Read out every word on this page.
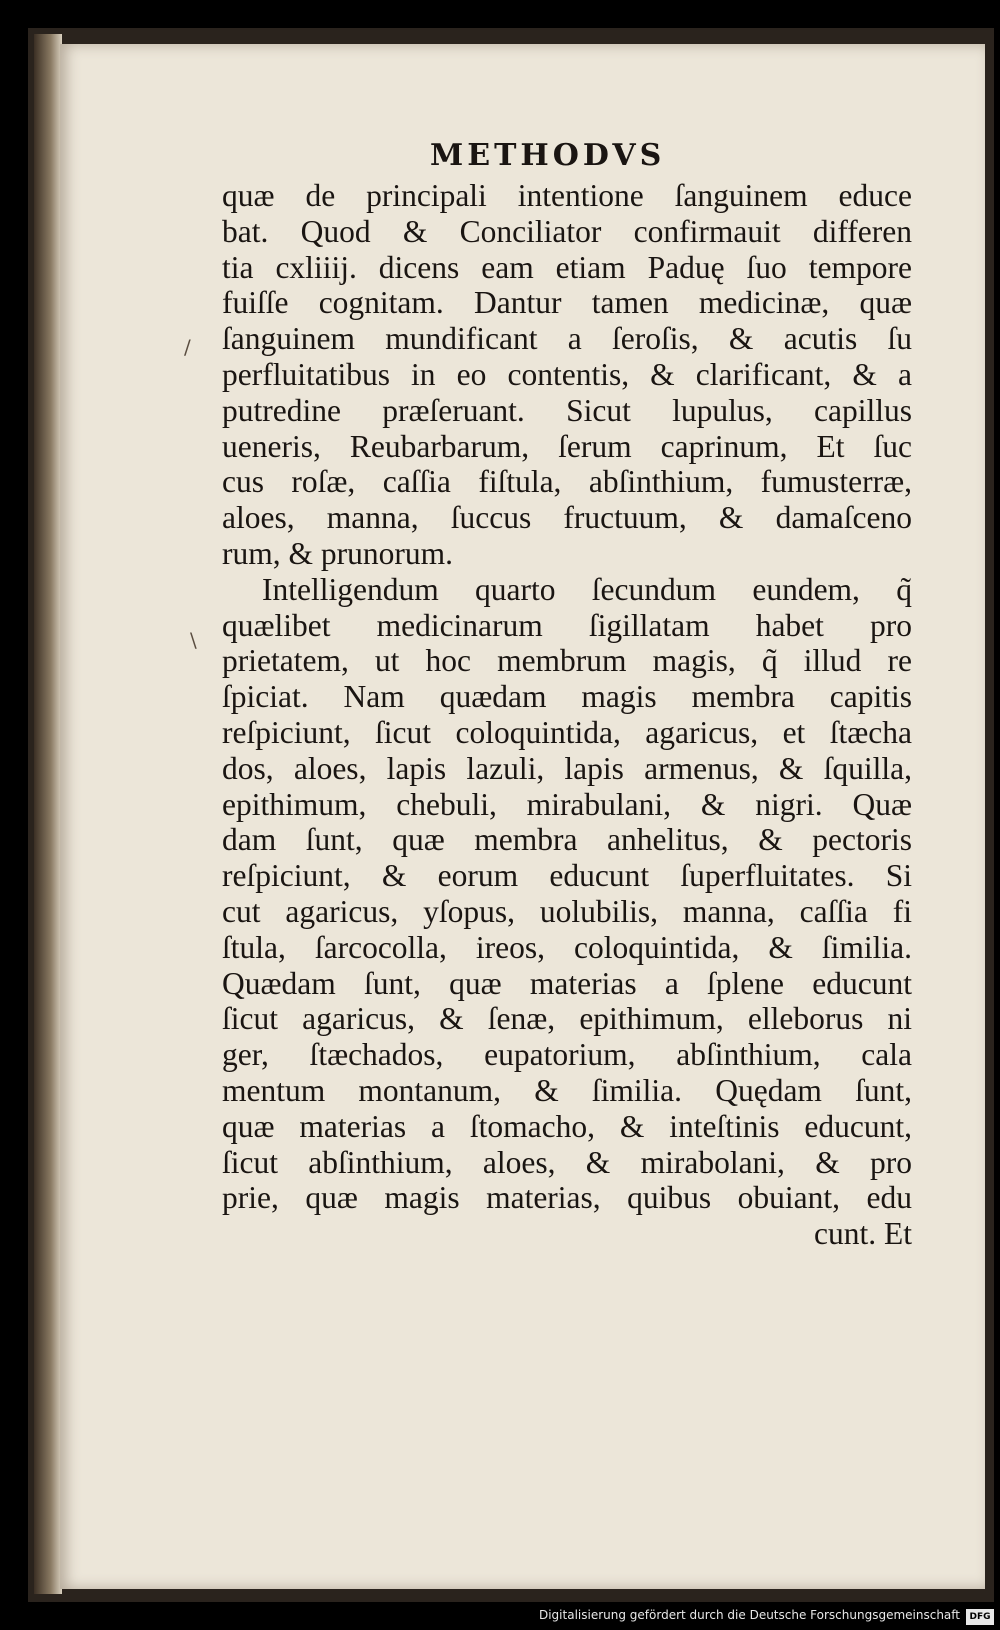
METHODVS
/
\
quæ de principali intentione ſanguinem educe
bat. Quod & Conciliator confirmauit differen
tia cxliiij. dicens eam etiam Paduę ſuo tempore
fuiſſe cognitam. Dantur tamen medicinæ, quæ
ſanguinem mundificant a ſeroſis, & acutis ſu
perfluitatibus in eo contentis, & clarificant, & a
putredine præſeruant. Sicut lupulus, capillus
ueneris, Reubarbarum, ſerum caprinum, Et ſuc
cus roſæ, caſſia fiſtula, abſinthium, fumusterræ,
aloes, manna, ſuccus fructuum, & damaſceno
rum, & prunorum.
Intelligendum quarto ſecundum eundem, q̃
quælibet medicinarum ſigillatam habet pro
prietatem, ut hoc membrum magis, q̃ illud re
ſpiciat. Nam quædam magis membra capitis
reſpiciunt, ſicut coloquintida, agaricus, et ſtæcha
dos, aloes, lapis lazuli, lapis armenus, & ſquilla,
epithimum, chebuli, mirabulani, & nigri. Quæ
dam ſunt, quæ membra anhelitus, & pectoris
reſpiciunt, & eorum educunt ſuperfluitates. Si
cut agaricus, yſopus, uolubilis, manna, caſſia fi
ſtula, ſarcocolla, ireos, coloquintida, & ſimilia.
Quædam ſunt, quæ materias a ſplene educunt
ſicut agaricus, & ſenæ, epithimum, elleborus ni
ger, ſtæchados, eupatorium, abſinthium, cala
mentum montanum, & ſimilia. Quędam ſunt,
quæ materias a ſtomacho, & inteſtinis educunt,
ſicut abſinthium, aloes, & mirabolani, & pro
prie, quæ magis materias, quibus obuiant, edu
cunt. Et
Digitalisierung gefördert durch die Deutsche Forschungsgemeinschaft	DFG
